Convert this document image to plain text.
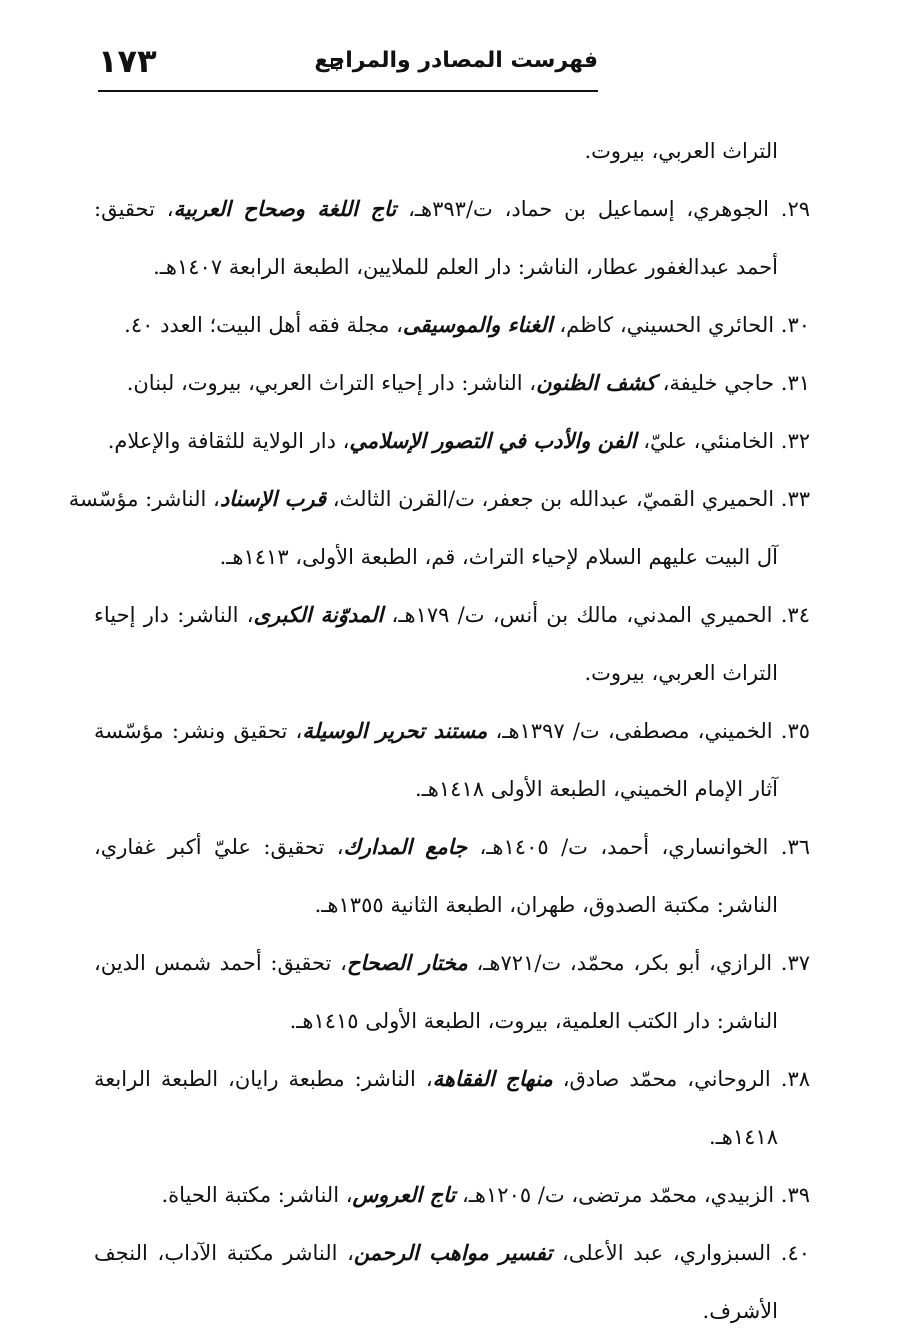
فهرست المصادر والمراجع
١٧٣
التراث العربي، بيروت.
٢٩. الجوهري، إسماعيل بن حماد، ت/٣٩٣هـ، تاج اللغة وصحاح العربية، تحقيق:
أحمد عبدالغفور عطار، الناشر: دار العلم للملايين، الطبعة الرابعة ١٤٠٧هـ.
٣٠. الحائري الحسيني، كاظم، الغناء والموسيقى، مجلة فقه أهل البيت؛ العدد ٤٠.
٣١. حاجي خليفة، كشف الظنون، الناشر: دار إحياء التراث العربي، بيروت، لبنان.
٣٢. الخامنئي، عليّ، الفن والأدب في التصور الإسلامي، دار الولاية للثقافة والإعلام.
٣٣. الحميري القميّ، عبدالله بن جعفر، ت/القرن الثالث، قرب الإسناد، الناشر: مؤسّسة
آل البيت عليهم السلام لإحياء التراث، قم، الطبعة الأولى، ١٤١٣هـ.
٣٤. الحميري المدني، مالك بن أنس، ت/ ١٧٩هـ، المدوّنة الكبرى، الناشر: دار إحياء
التراث العربي، بيروت.
٣٥. الخميني، مصطفى، ت/ ١٣٩٧هـ، مستند تحرير الوسيلة، تحقيق ونشر: مؤسّسة
آثار الإمام الخميني، الطبعة الأولى ١٤١٨هـ.
٣٦. الخوانساري، أحمد، ت/ ١٤٠٥هـ، جامع المدارك، تحقيق: عليّ أكبر غفاري،
الناشر: مكتبة الصدوق، طهران، الطبعة الثانية ١٣٥٥هـ.
٣٧. الرازي، أبو بكر، محمّد، ت/٧٢١هـ، مختار الصحاح، تحقيق: أحمد شمس الدين،
الناشر: دار الكتب العلمية، بيروت، الطبعة الأولى ١٤١٥هـ.
٣٨. الروحاني، محمّد صادق، منهاج الفقاهة، الناشر: مطبعة رايان، الطبعة الرابعة
١٤١٨هـ.
٣٩. الزبيدي، محمّد مرتضى، ت/ ١٢٠٥هـ، تاج العروس، الناشر: مكتبة الحياة.
٤٠. السبزواري، عبد الأعلى، تفسير مواهب الرحمن، الناشر مكتبة الآداب، النجف
الأشرف.
